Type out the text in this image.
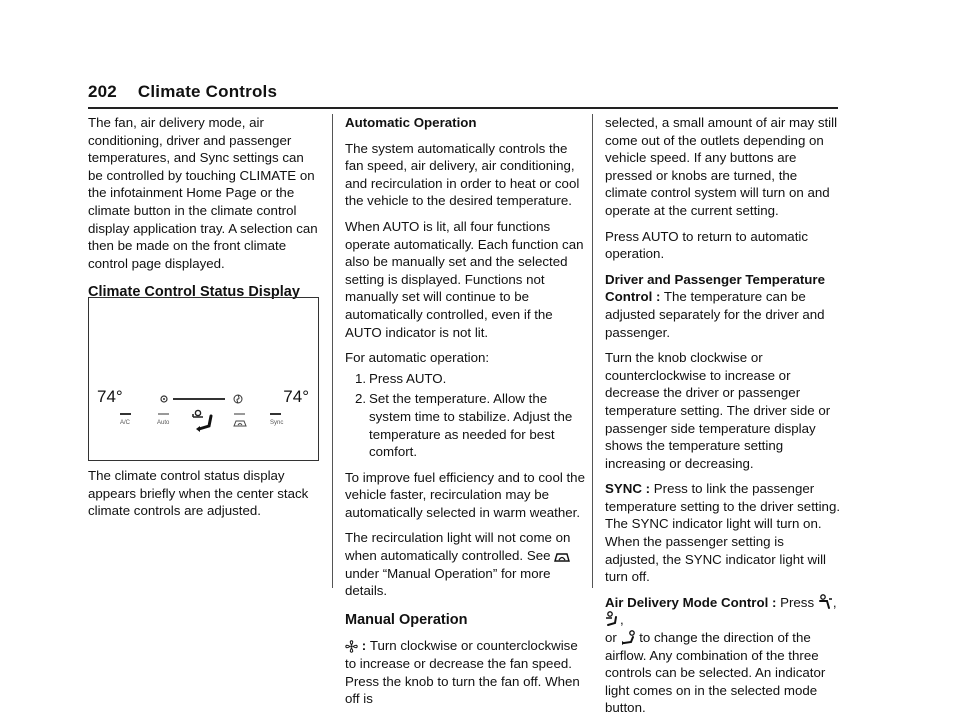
202 Climate Controls

The fan, air delivery mode, air conditioning, driver and passenger temperatures, and Sync settings can be controlled by touching CLIMATE on the infotainment Home Page or the climate button in the climate control display application tray. A selection can then be made on the front climate control page displayed.

Climate Control Status Display
74°	74°
A/C	Auto	Sync

The climate control status display appears briefly when the center stack climate controls are adjusted.

Automatic Operation

The system automatically controls the fan speed, air delivery, air conditioning, and recirculation in order to heat or cool the vehicle to the desired temperature.

When AUTO is lit, all four functions operate automatically. Each function can also be manually set and the selected setting is displayed. Functions not manually set will continue to be automatically controlled, even if the AUTO indicator is not lit.

For automatic operation:

1. Press AUTO.
2. Set the temperature. Allow the system time to stabilize. Adjust the temperature as needed for best comfort.

To improve fuel efficiency and to cool the vehicle faster, recirculation may be automatically selected in warm weather.

The recirculation light will not come on when automatically controlled. See  under “Manual Operation” for more details.

Manual Operation

: Turn clockwise or counterclockwise to increase or decrease the fan speed. Press the knob to turn the fan off. When off is

selected, a small amount of air may still come out of the outlets depending on vehicle speed. If any buttons are pressed or knobs are turned, the climate control system will turn on and operate at the current setting.

Press AUTO to return to automatic operation.

Driver and Passenger Temperature Control : The temperature can be adjusted separately for the driver and passenger.

Turn the knob clockwise or counterclockwise to increase or decrease the driver or passenger temperature setting. The driver side or passenger side temperature display shows the temperature setting increasing or decreasing.

SYNC : Press to link the passenger temperature setting to the driver setting. The SYNC indicator light will turn on. When the passenger setting is adjusted, the SYNC indicator light will turn off.

Air Delivery Mode Control : Press , ,
or to change the direction of the airflow. Any combination of the three controls can be selected. An indicator light comes on in the selected mode button.
